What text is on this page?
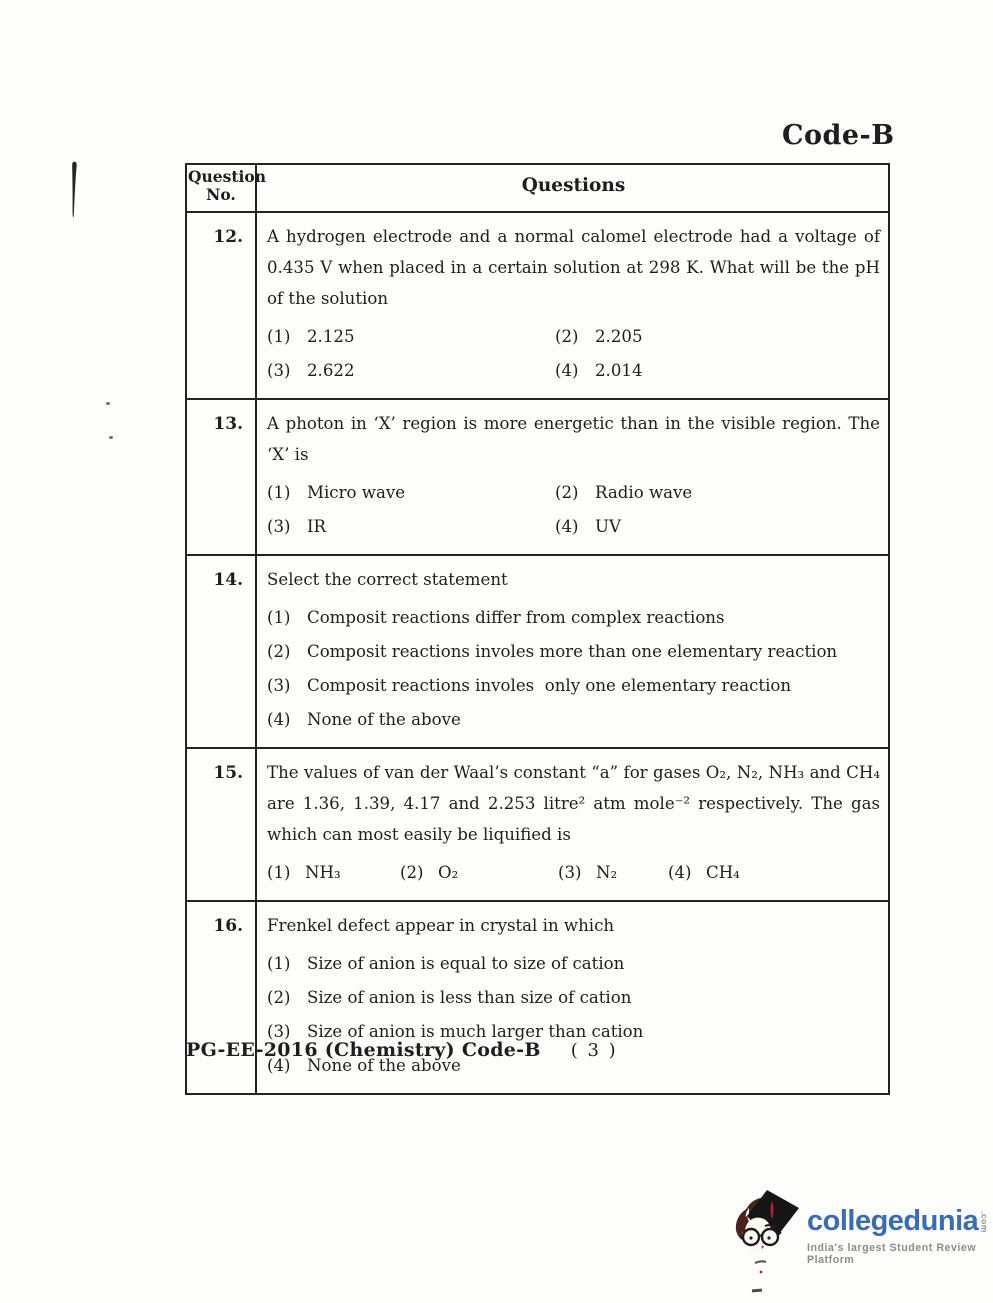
Code-B
Question
No.	Questions
12.	A hydrogen electrode and a normal calomel electrode had a voltage of 0.435 V when placed in a certain solution at 298 K. What will be the pH of the solution

(1) 2.125	(2) 2.205
(3) 2.622	(4) 2.014
13.	A photon in ‘X’ region is more energetic than in the visible region. The ‘X’ is

(1) Micro wave	(2) Radio wave
(3) IR	(4) UV
14.	Select the correct statement

(1) Composit reactions differ from complex reactions
(2) Composit reactions involes more than one elementary reaction
(3) Composit reactions involes  only one elementary reaction
(4) None of the above
15.	The values of van der Waal’s constant “a” for gases O₂, N₂, NH₃ and CH₄ are 1.36, 1.39, 4.17 and 2.253 litre² atm mole⁻² respectively. The gas which can most easily be liquified is

(1) NH₃	(2) O₂	(3) N₂	(4) CH₄
16.	Frenkel defect appear in crystal in which

(1) Size of anion is equal to size of cation
(2) Size of anion is less than size of cation
(3) Size of anion is much larger than cation
(4) None of the above
PG-EE-2016 (Chemistry) Code-B ( 3 )
collegedunia .com
India's largest Student Review Platform
